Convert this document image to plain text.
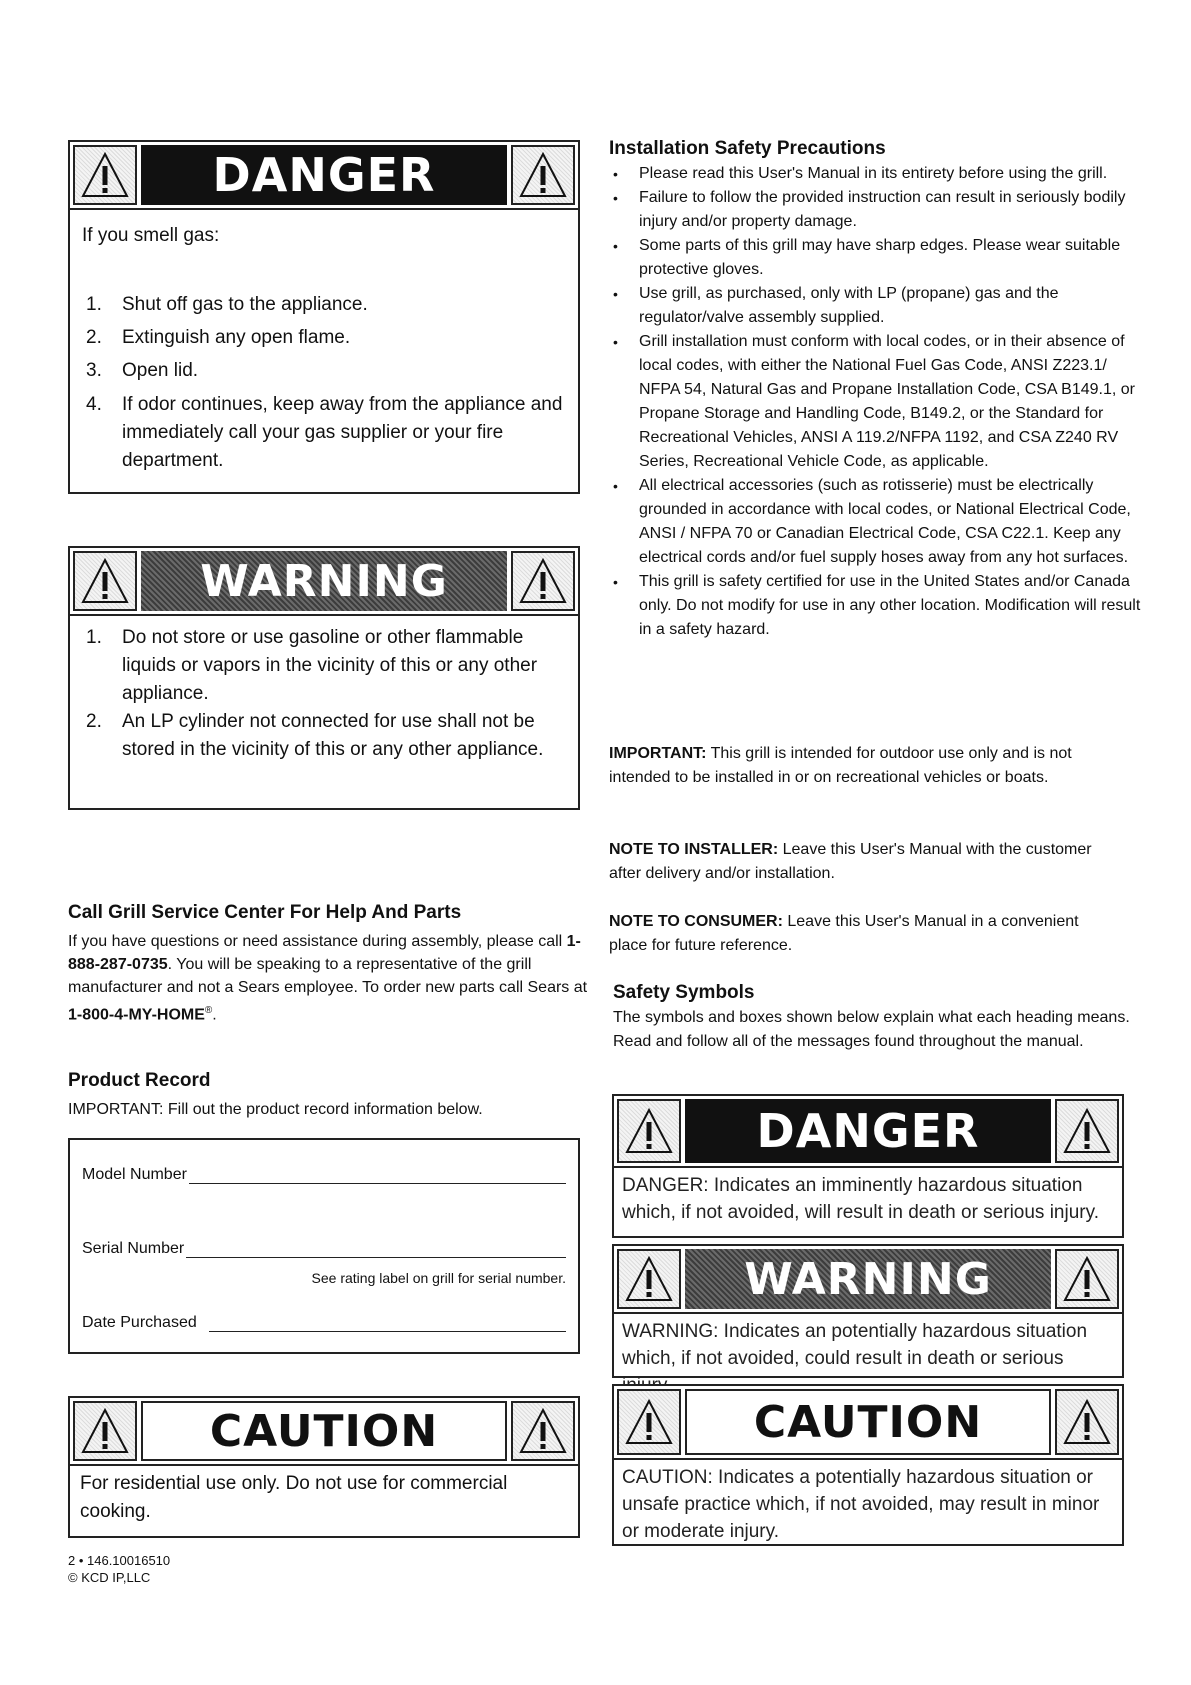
DANGER
If you smell gas:
1. Shut off gas to the appliance.
2. Extinguish any open flame.
3. Open lid.
4. If odor continues, keep away from the appliance and immediately call your gas supplier or your fire department.
WARNING
1. Do not store or use gasoline or other flammable liquids or vapors in the vicinity of this or any other appliance.
2. An LP cylinder not connected for use shall not be stored in the vicinity of this or any other appliance.
Call Grill Service Center For Help And Parts
If you have questions or need assistance during assembly, please call 1-888-287-0735. You will be speaking to a representative of the grill manufacturer and not a Sears employee. To order new parts call Sears at 1-800-4-MY-HOME®.
Product Record
IMPORTANT: Fill out the product record information below.
Model Number
Serial Number
See rating label on grill for serial number.
Date Purchased
CAUTION
For residential use only. Do not use for commercial cooking.
2 • 146.10016510
© KCD IP,LLC
Installation Safety Precautions
• Please read this User's Manual in its entirety before using the grill.
• Failure to follow the provided instruction can result in seriously bodily injury and/or property damage.
• Some parts of this grill may have sharp edges. Please wear suitable protective gloves.
• Use grill, as purchased, only with LP (propane) gas and the regulator/valve assembly supplied.
• Grill installation must conform with local codes, or in their absence of local codes, with either the National Fuel Gas Code, ANSI Z223.1/ NFPA 54, Natural Gas and Propane Installation Code, CSA B149.1, or Propane Storage and Handling Code, B149.2, or the Standard for Recreational Vehicles, ANSI A 119.2/NFPA 1192, and CSA Z240 RV Series, Recreational Vehicle Code, as applicable.
• All electrical accessories (such as rotisserie) must be electrically grounded in accordance with local codes, or National Electrical Code, ANSI / NFPA 70 or Canadian Electrical Code, CSA C22.1. Keep any electrical cords and/or fuel supply hoses away from any hot surfaces.
• This grill is safety certified for use in the United States and/or Canada only. Do not modify for use in any other location. Modification will result in a safety hazard.
IMPORTANT: This grill is intended for outdoor use only and is not intended to be installed in or on recreational vehicles or boats.
NOTE TO INSTALLER: Leave this User's Manual with the customer after delivery and/or installation.
NOTE TO CONSUMER: Leave this User's Manual in a convenient place for future reference.
Safety Symbols
The symbols and boxes shown below explain what each heading means. Read and follow all of the messages found throughout the manual.
DANGER
DANGER: Indicates an imminently hazardous situation which, if not avoided, will result in death or serious injury.
WARNING
WARNING: Indicates an potentially hazardous situation which, if not avoided, could result in death or serious
CAUTION
CAUTION: Indicates a potentially hazardous situation or unsafe practice which, if not avoided, may result in minor or moderate injury.
